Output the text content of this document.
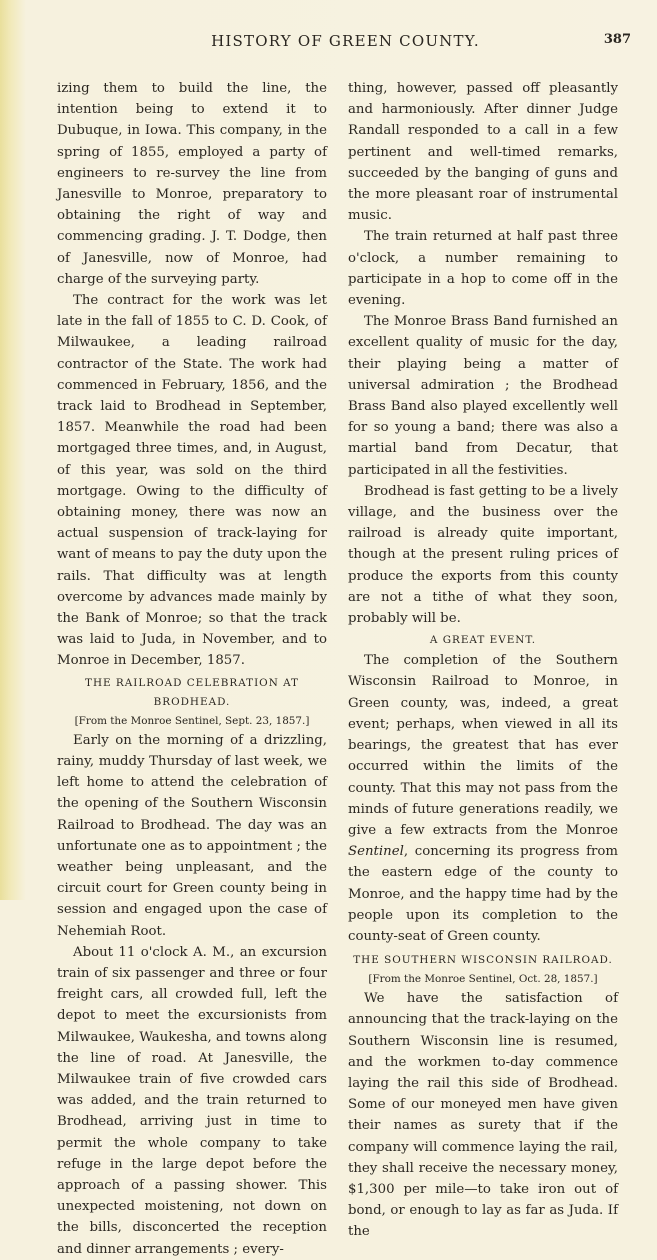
HISTORY OF GREEN COUNTY.	387

izing them to build the line, the intention being to extend it to Dubuque, in Iowa. This company, in the spring of 1855, employed a party of engineers to re-survey the line from Janesville to Monroe, preparatory to obtaining the right of way and commencing grading. J. T. Dodge, then of Janesville, now of Monroe, had charge of the surveying party.

The contract for the work was let late in the fall of 1855 to C. D. Cook, of Milwaukee, a leading railroad contractor of the State. The work had commenced in February, 1856, and the track laid to Brodhead in September, 1857. Meanwhile the road had been mortgaged three times, and, in August, of this year, was sold on the third mortgage. Owing to the difficulty of obtaining money, there was now an actual suspension of track-laying for want of means to pay the duty upon the rails. That difficulty was at length overcome by advances made mainly by the Bank of Monroe; so that the track was laid to Juda, in November, and to Monroe in December, 1857.

THE RAILROAD CELEBRATION AT BRODHEAD.

[From the Monroe Sentinel, Sept. 23, 1857.]

Early on the morning of a drizzling, rainy, muddy Thursday of last week, we left home to attend the celebration of the opening of the Southern Wisconsin Railroad to Brodhead. The day was an unfortunate one as to appointment ; the weather being unpleasant, and the circuit court for Green county being in session and engaged upon the case of Nehemiah Root.

About 11 o'clock A. M., an excursion train of six passenger and three or four freight cars, all crowded full, left the depot to meet the excursionists from Milwaukee, Waukesha, and towns along the line of road. At Janesville, the Milwaukee train of five crowded cars was added, and the train returned to Brodhead, arriving just in time to permit the whole company to take refuge in the large depot before the approach of a passing shower. This unexpected moistening, not down on the bills, disconcerted the reception and dinner arrangements ; every-

thing, however, passed off pleasantly and harmoniously. After dinner Judge Randall responded to a call in a few pertinent and well-timed remarks, succeeded by the banging of guns and the more pleasant roar of instrumental music.

The train returned at half past three o'clock, a number remaining to participate in a hop to come off in the evening.

The Monroe Brass Band furnished an excellent quality of music for the day, their playing being a matter of universal admiration ; the Brodhead Brass Band also played excellently well for so young a band; there was also a martial band from Decatur, that participated in all the festivities.

Brodhead is fast getting to be a lively village, and the business over the railroad is already quite important, though at the present ruling prices of produce the exports from this county are not a tithe of what they soon, probably will be.

A GREAT EVENT.

The completion of the Southern Wisconsin Railroad to Monroe, in Green county, was, indeed, a great event; perhaps, when viewed in all its bearings, the greatest that has ever occurred within the limits of the county. That this may not pass from the minds of future generations readily, we give a few extracts from the Monroe Sentinel, concerning its progress from the eastern edge of the county to Monroe, and the happy time had by the people upon its completion to the county-seat of Green county.

THE SOUTHERN WISCONSIN RAILROAD.

[From the Monroe Sentinel, Oct. 28, 1857.]

We have the satisfaction of announcing that the track-laying on the Southern Wisconsin line is resumed, and the workmen to-day commence laying the rail this side of Brodhead. Some of our moneyed men have given their names as surety that if the company will commence laying the rail, they shall receive the necessary money, $1,300 per mile—to take iron out of bond, or enough to lay as far as Juda. If the
